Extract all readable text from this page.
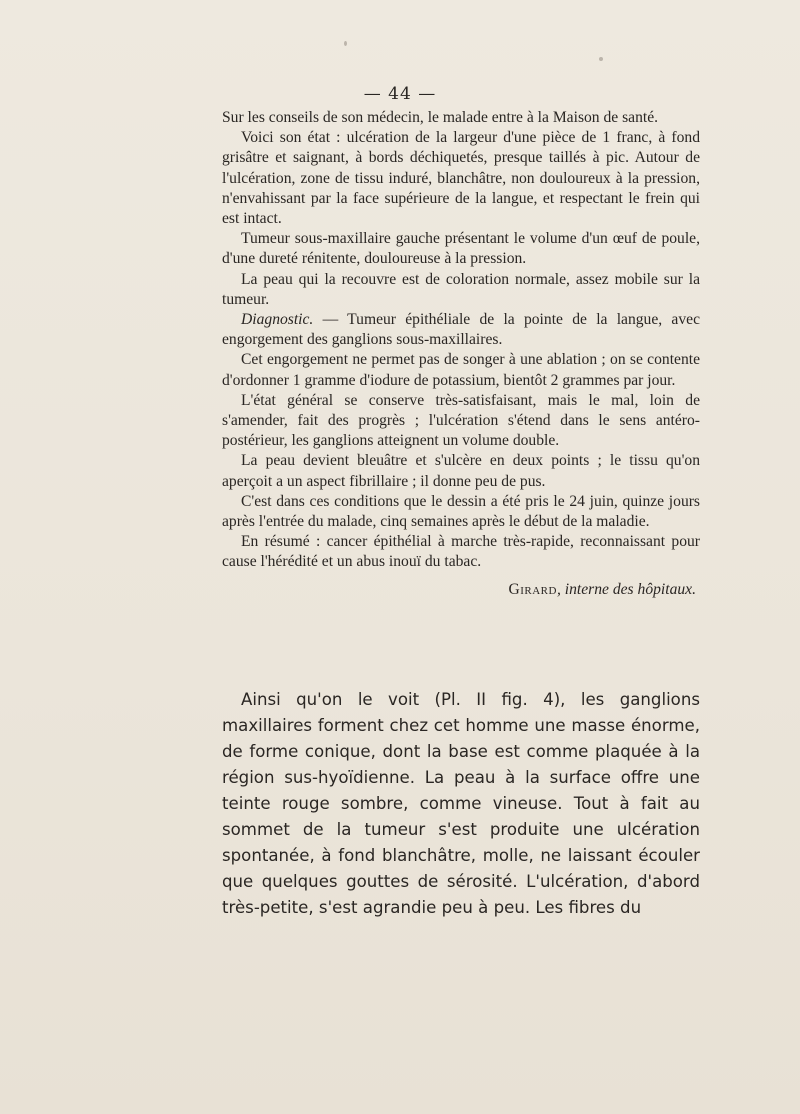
— 44 —

Sur les conseils de son médecin, le malade entre à la Maison de santé.

Voici son état : ulcération de la largeur d'une pièce de 1 franc, à fond grisâtre et saignant, à bords déchiquetés, presque taillés à pic. Autour de l'ulcération, zone de tissu induré, blanchâtre, non douloureux à la pression, n'envahissant par la face supérieure de la langue, et respectant le frein qui est intact.

Tumeur sous-maxillaire gauche présentant le volume d'un œuf de poule, d'une dureté rénitente, douloureuse à la pression.

La peau qui la recouvre est de coloration normale, assez mobile sur la tumeur.

Diagnostic. — Tumeur épithéliale de la pointe de la langue, avec engorgement des ganglions sous-maxillaires.

Cet engorgement ne permet pas de songer à une ablation ; on se contente d'ordonner 1 gramme d'iodure de potassium, bientôt 2 grammes par jour.

L'état général se conserve très-satisfaisant, mais le mal, loin de s'amender, fait des progrès ; l'ulcération s'étend dans le sens antéro-postérieur, les ganglions atteignent un volume double.

La peau devient bleuâtre et s'ulcère en deux points ; le tissu qu'on aperçoit a un aspect fibrillaire ; il donne peu de pus.

C'est dans ces conditions que le dessin a été pris le 24 juin, quinze jours après l'entrée du malade, cinq semaines après le début de la maladie.

En résumé : cancer épithélial à marche très-rapide, reconnaissant pour cause l'hérédité et un abus inouï du tabac.

Girard, interne des hôpitaux.

Ainsi qu'on le voit (Pl. II fig. 4), les ganglions maxillaires forment chez cet homme une masse énorme, de forme conique, dont la base est comme plaquée à la région sus-hyoïdienne. La peau à la surface offre une teinte rouge sombre, comme vineuse. Tout à fait au sommet de la tumeur s'est produite une ulcération spontanée, à fond blanchâtre, molle, ne laissant écouler que quelques gouttes de sérosité. L'ulcération, d'abord très-petite, s'est agrandie peu à peu. Les fibres du
